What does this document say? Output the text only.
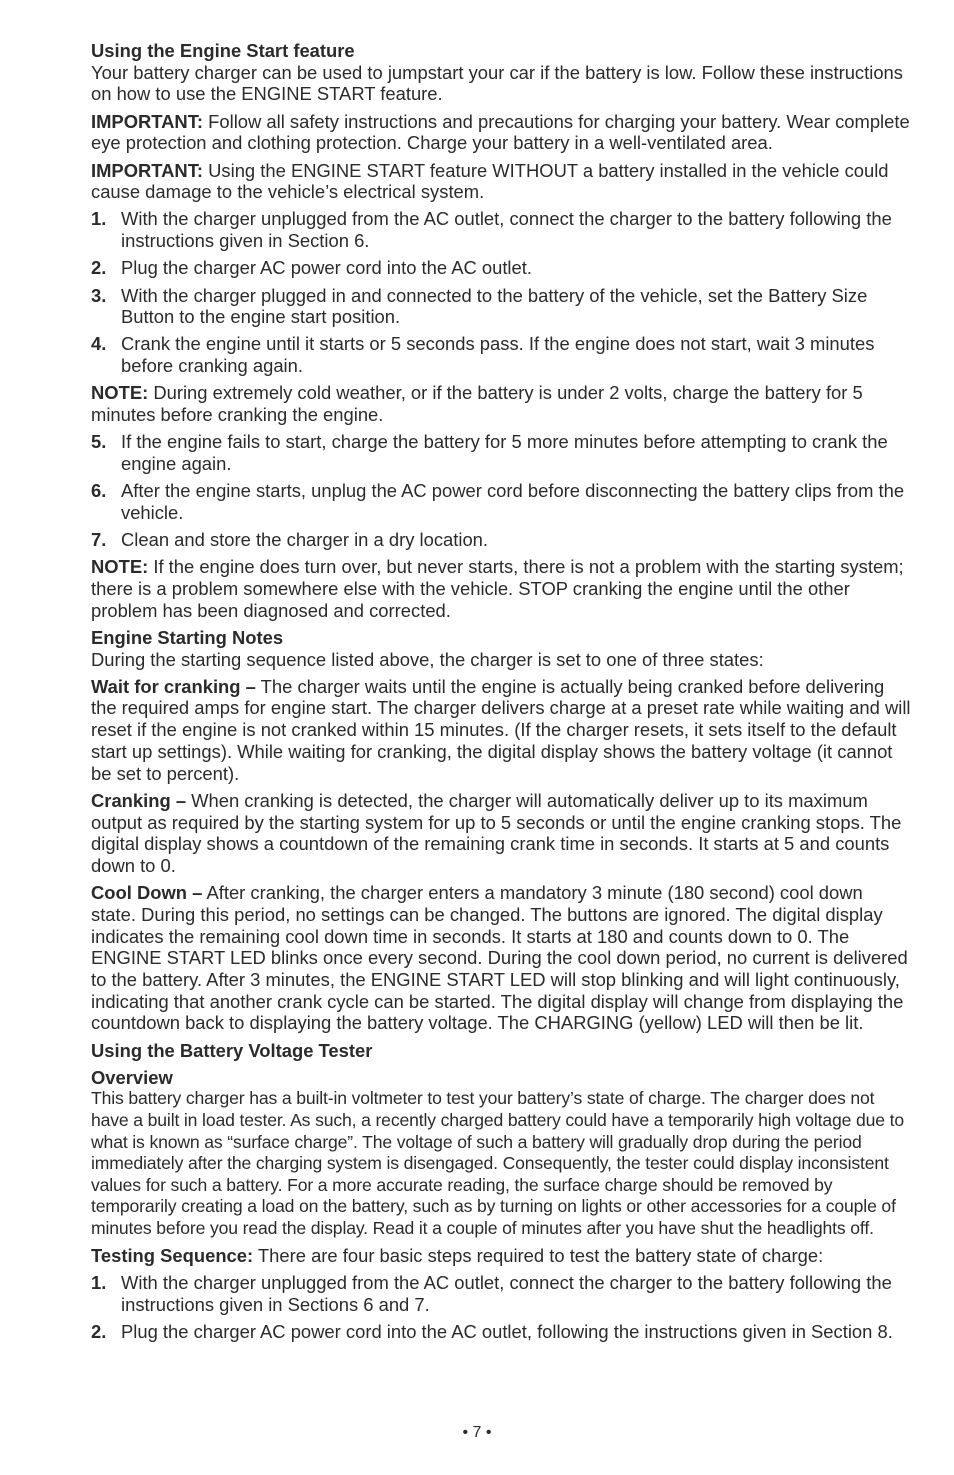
Using the Engine Start feature

Your battery charger can be used to jumpstart your car if the battery is low. Follow these instructions on how to use the ENGINE START feature.

IMPORTANT: Follow all safety instructions and precautions for charging your battery. Wear complete eye protection and clothing protection. Charge your battery in a well-ventilated area.

IMPORTANT: Using the ENGINE START feature WITHOUT a battery installed in the vehicle could cause damage to the vehicle’s electrical system.

1. With the charger unplugged from the AC outlet, connect the charger to the battery following the instructions given in Section 6.

2. Plug the charger AC power cord into the AC outlet.

3. With the charger plugged in and connected to the battery of the vehicle, set the Battery Size Button to the engine start position.

4. Crank the engine until it starts or 5 seconds pass. If the engine does not start, wait 3 minutes before cranking again.

NOTE: During extremely cold weather, or if the battery is under 2 volts, charge the battery for 5 minutes before cranking the engine.

5. If the engine fails to start, charge the battery for 5 more minutes before attempting to crank the engine again.

6. After the engine starts, unplug the AC power cord before disconnecting the battery clips from the vehicle.

7. Clean and store the charger in a dry location.

NOTE: If the engine does turn over, but never starts, there is not a problem with the starting system; there is a problem somewhere else with the vehicle. STOP cranking the engine until the other problem has been diagnosed and corrected.

Engine Starting Notes

During the starting sequence listed above, the charger is set to one of three states:

Wait for cranking – The charger waits until the engine is actually being cranked before delivering the required amps for engine start. The charger delivers charge at a preset rate while waiting and will reset if the engine is not cranked within 15 minutes. (If the charger resets, it sets itself to the default start up settings). While waiting for cranking, the digital display shows the battery voltage (it cannot be set to percent).

Cranking – When cranking is detected, the charger will automatically deliver up to its maximum output as required by the starting system for up to 5 seconds or until the engine cranking stops. The digital display shows a countdown of the remaining crank time in seconds. It starts at 5 and counts down to 0.

Cool Down – After cranking, the charger enters a mandatory 3 minute (180 second) cool down state. During this period, no settings can be changed. The buttons are ignored. The digital display indicates the remaining cool down time in seconds. It starts at 180 and counts down to 0. The ENGINE START LED blinks once every second. During the cool down period, no current is delivered to the battery. After 3 minutes, the ENGINE START LED will stop blinking and will light continuously, indicating that another crank cycle can be started. The digital display will change from displaying the countdown back to displaying the battery voltage. The CHARGING (yellow) LED will then be lit.

Using the Battery Voltage Tester

Overview

This battery charger has a built-in voltmeter to test your battery’s state of charge. The charger does not have a built in load tester. As such, a recently charged battery could have a temporarily high voltage due to what is known as “surface charge”. The voltage of such a battery will gradually drop during the period immediately after the charging system is disengaged. Consequently, the tester could display inconsistent values for such a battery. For a more accurate reading, the surface charge should be removed by temporarily creating a load on the battery, such as by turning on lights or other accessories for a couple of minutes before you read the display. Read it a couple of minutes after you have shut the headlights off.

Testing Sequence: There are four basic steps required to test the battery state of charge:

1. With the charger unplugged from the AC outlet, connect the charger to the battery following the instructions given in Sections 6 and 7.

2. Plug the charger AC power cord into the AC outlet, following the instructions given in Section 8.

• 7 •
